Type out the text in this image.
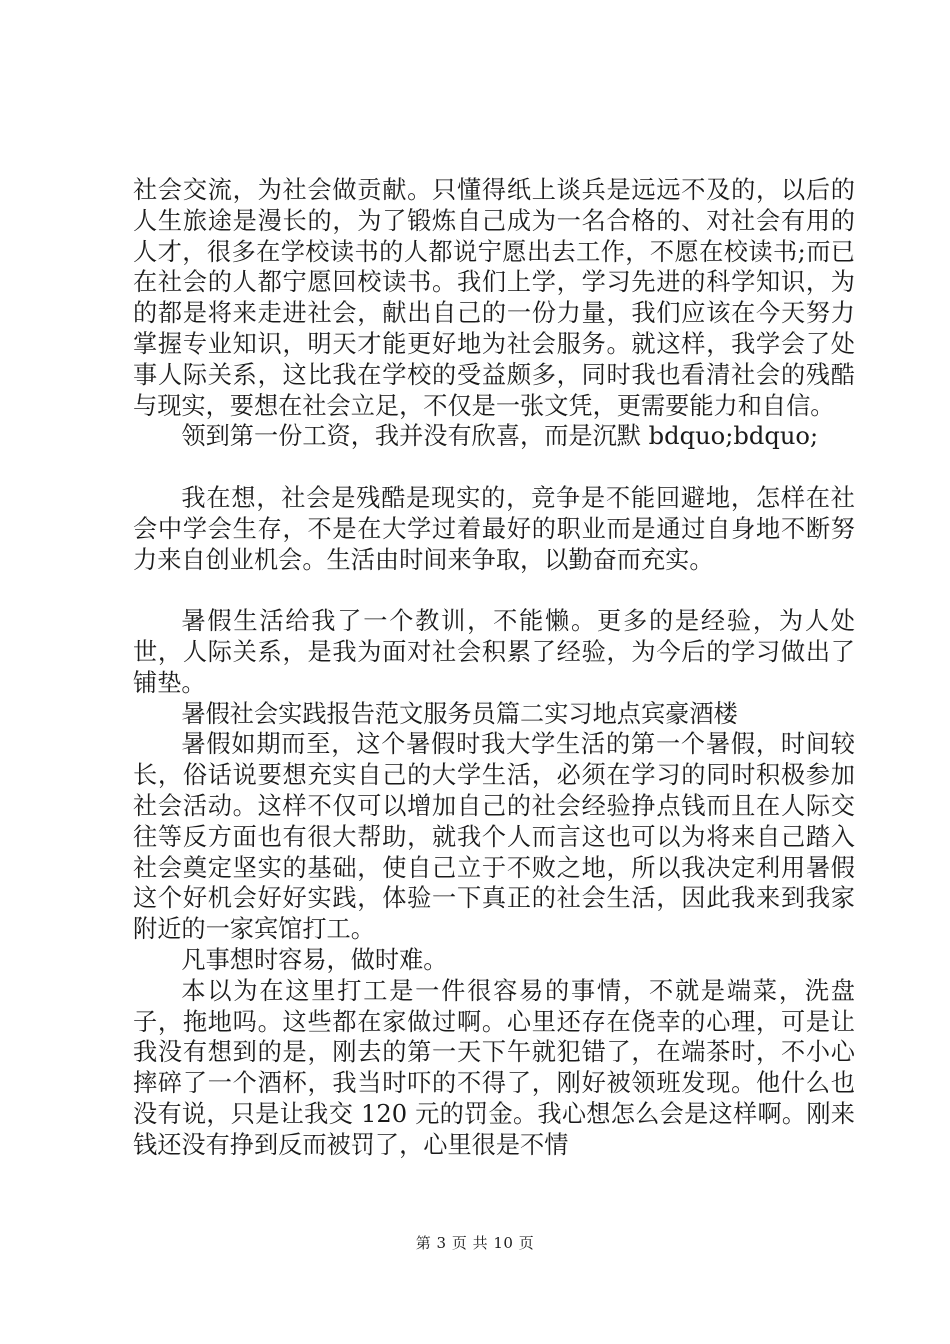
社会交流，为社会做贡献。只懂得纸上谈兵是远远不及的，以后的人生旅途是漫长的，为了锻炼自己成为一名合格的、对社会有用的人才，很多在学校读书的人都说宁愿出去工作，不愿在校读书;而已在社会的人都宁愿回校读书。我们上学，学习先进的科学知识，为的都是将来走进社会，献出自己的一份力量，我们应该在今天努力掌握专业知识，明天才能更好地为社会服务。就这样，我学会了处事人际关系，这比我在学校的受益颇多，同时我也看清社会的残酷与现实，要想在社会立足，不仅是一张文凭，更需要能力和自信。

领到第一份工资，我并没有欣喜，而是沉默 bdquo;bdquo;

我在想，社会是残酷是现实的，竞争是不能回避地，怎样在社会中学会生存，不是在大学过着最好的职业而是通过自身地不断努力来自创业机会。生活由时间来争取，以勤奋而充实。

暑假生活给我了一个教训，不能懒。更多的是经验，为人处世，人际关系，是我为面对社会积累了经验，为今后的学习做出了铺垫。

暑假社会实践报告范文服务员篇二实习地点宾豪酒楼

暑假如期而至，这个暑假时我大学生活的第一个暑假，时间较长，俗话说要想充实自己的大学生活，必须在学习的同时积极参加社会活动。这样不仅可以增加自己的社会经验挣点钱而且在人际交往等反方面也有很大帮助，就我个人而言这也可以为将来自己踏入社会奠定坚实的基础，使自己立于不败之地，所以我决定利用暑假这个好机会好好实践，体验一下真正的社会生活，因此我来到我家附近的一家宾馆打工。

凡事想时容易，做时难。

本以为在这里打工是一件很容易的事情，不就是端菜，洗盘子，拖地吗。这些都在家做过啊。心里还存在侥幸的心理，可是让我没有想到的是，刚去的第一天下午就犯错了，在端茶时，不小心摔碎了一个酒杯，我当时吓的不得了，刚好被领班发现。他什么也没有说，只是让我交 120 元的罚金。我心想怎么会是这样啊。刚来钱还没有挣到反而被罚了，心里很是不情

第 3 页 共 10 页
